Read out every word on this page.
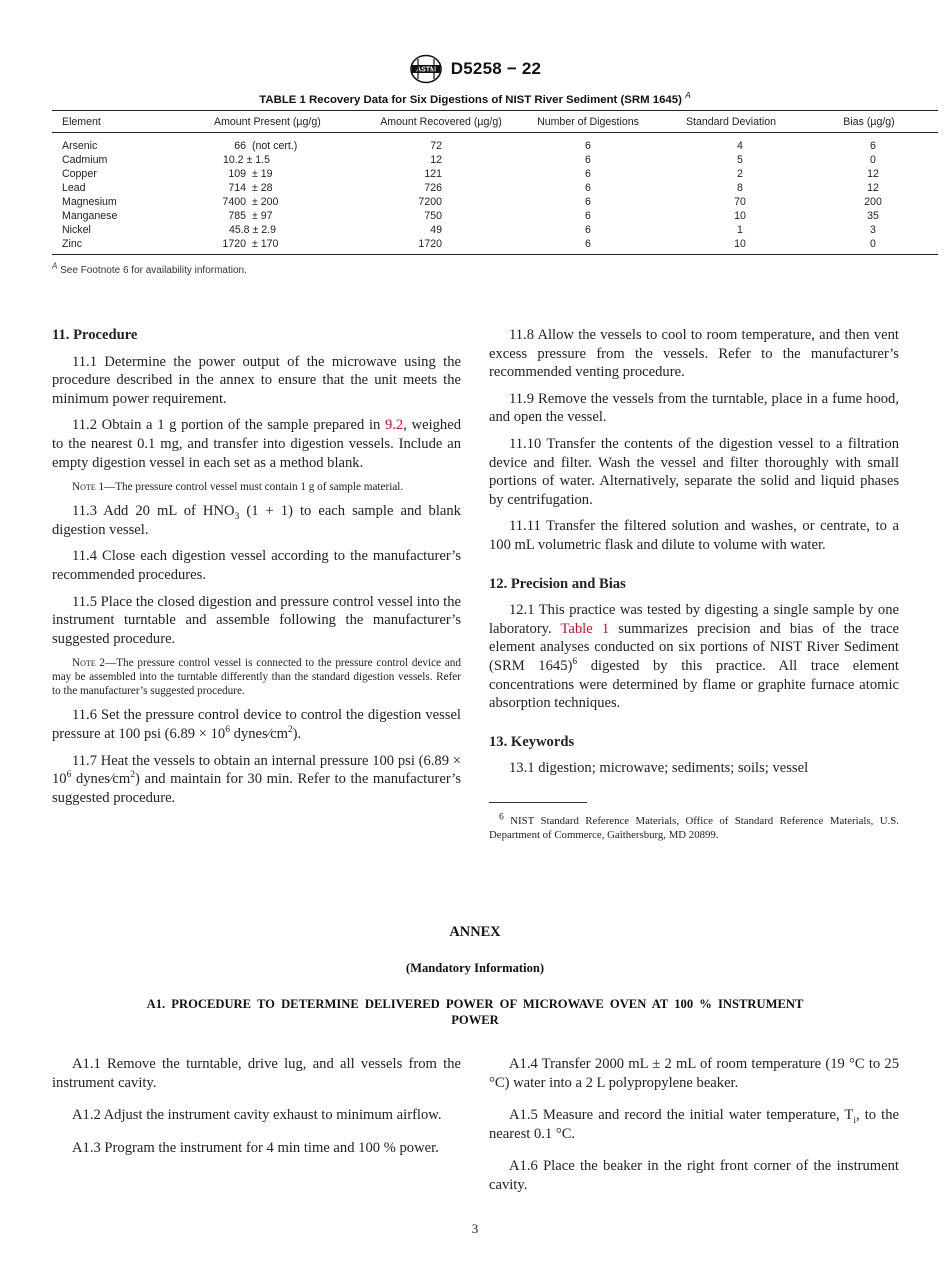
ASTM D5258 − 22
TABLE 1 Recovery Data for Six Digestions of NIST River Sediment (SRM 1645) $^A$
Element	Amount Present (µg/g)	Amount Recovered (µg/g)	Number of Digestions	Standard Deviation	Bias (µg/g)
Arsenic	66 (not cert.)	72	6	4	6
Cadmium	10.2 ± 1.5	12	6	5	0
Copper	109 ± 19	121	6	2	12
Lead	714 ± 28	726	6	8	12
Magnesium	7400 ± 200	7200	6	70	200
Manganese	785 ± 97	750	6	10	35
Nickel	45.8 ± 2.9	49	6	1	3
Zinc	1720 ± 170	1720	6	10	0
$^A$ See Footnote 6 for availability information.
11. Procedure

11.1 Determine the power output of the microwave using the procedure described in the annex to ensure that the unit meets the minimum power requirement.

11.2 Obtain a 1 g portion of the sample prepared in 9.2, weighed to the nearest 0.1 mg, and transfer into digestion vessels. Include an empty digestion vessel in each set as a method blank.

Note 1—The pressure control vessel must contain 1 g of sample material.

11.3 Add 20 mL of $HNO_3$ (1 + 1) to each sample and blank digestion vessel.

11.4 Close each digestion vessel according to the manufacturer’s recommended procedures.

11.5 Place the closed digestion and pressure control vessel into the instrument turntable and assemble following the manufacturer’s suggested procedure.

Note 2—The pressure control vessel is connected to the pressure control device and may be assembled into the turntable differently than the standard digestion vessels. Refer to the manufacturer’s suggested procedure.

11.6 Set the pressure control device to control the digestion vessel pressure at 100 psi ($6.89 \times 10^6$ $dynes⁄cm^2$).

11.7 Heat the vessels to obtain an internal pressure 100 psi ($6.89 \times 10^6$ $dynes⁄cm^2$) and maintain for 30 min. Refer to the manufacturer’s suggested procedure.

11.8 Allow the vessels to cool to room temperature, and then vent excess pressure from the vessels. Refer to the manufacturer’s recommended venting procedure.

11.9 Remove the vessels from the turntable, place in a fume hood, and open the vessel.

11.10 Transfer the contents of the digestion vessel to a filtration device and filter. Wash the vessel and filter thoroughly with small portions of water. Alternatively, separate the solid and liquid phases by centrifugation.

11.11 Transfer the filtered solution and washes, or centrate, to a 100 mL volumetric flask and dilute to volume with water.

12. Precision and Bias

12.1 This practice was tested by digesting a single sample by one laboratory. Table 1 summarizes precision and bias of the trace element analyses conducted on six portions of NIST River Sediment (SRM 1645)$^6$ digested by this practice. All trace element concentrations were determined by flame or graphite furnace atomic absorption techniques.

13. Keywords

13.1 digestion; microwave; sediments; soils; vessel

$^6$ NIST Standard Reference Materials, Office of Standard Reference Materials, U.S. Department of Commerce, Gaithersburg, MD 20899.

ANNEX
(Mandatory Information)
A1. PROCEDURE TO DETERMINE DELIVERED POWER OF MICROWAVE OVEN AT 100 % INSTRUMENT POWER

A1.1 Remove the turntable, drive lug, and all vessels from the instrument cavity.

A1.2 Adjust the instrument cavity exhaust to minimum airflow.

A1.3 Program the instrument for 4 min time and 100 % power.

A1.4 Transfer 2000 mL ± 2 mL of room temperature (19 °C to 25 °C) water into a 2 L polypropylene beaker.

A1.5 Measure and record the initial water temperature, $T_i$, to the nearest 0.1 °C.

A1.6 Place the beaker in the right front corner of the instrument cavity.

3
